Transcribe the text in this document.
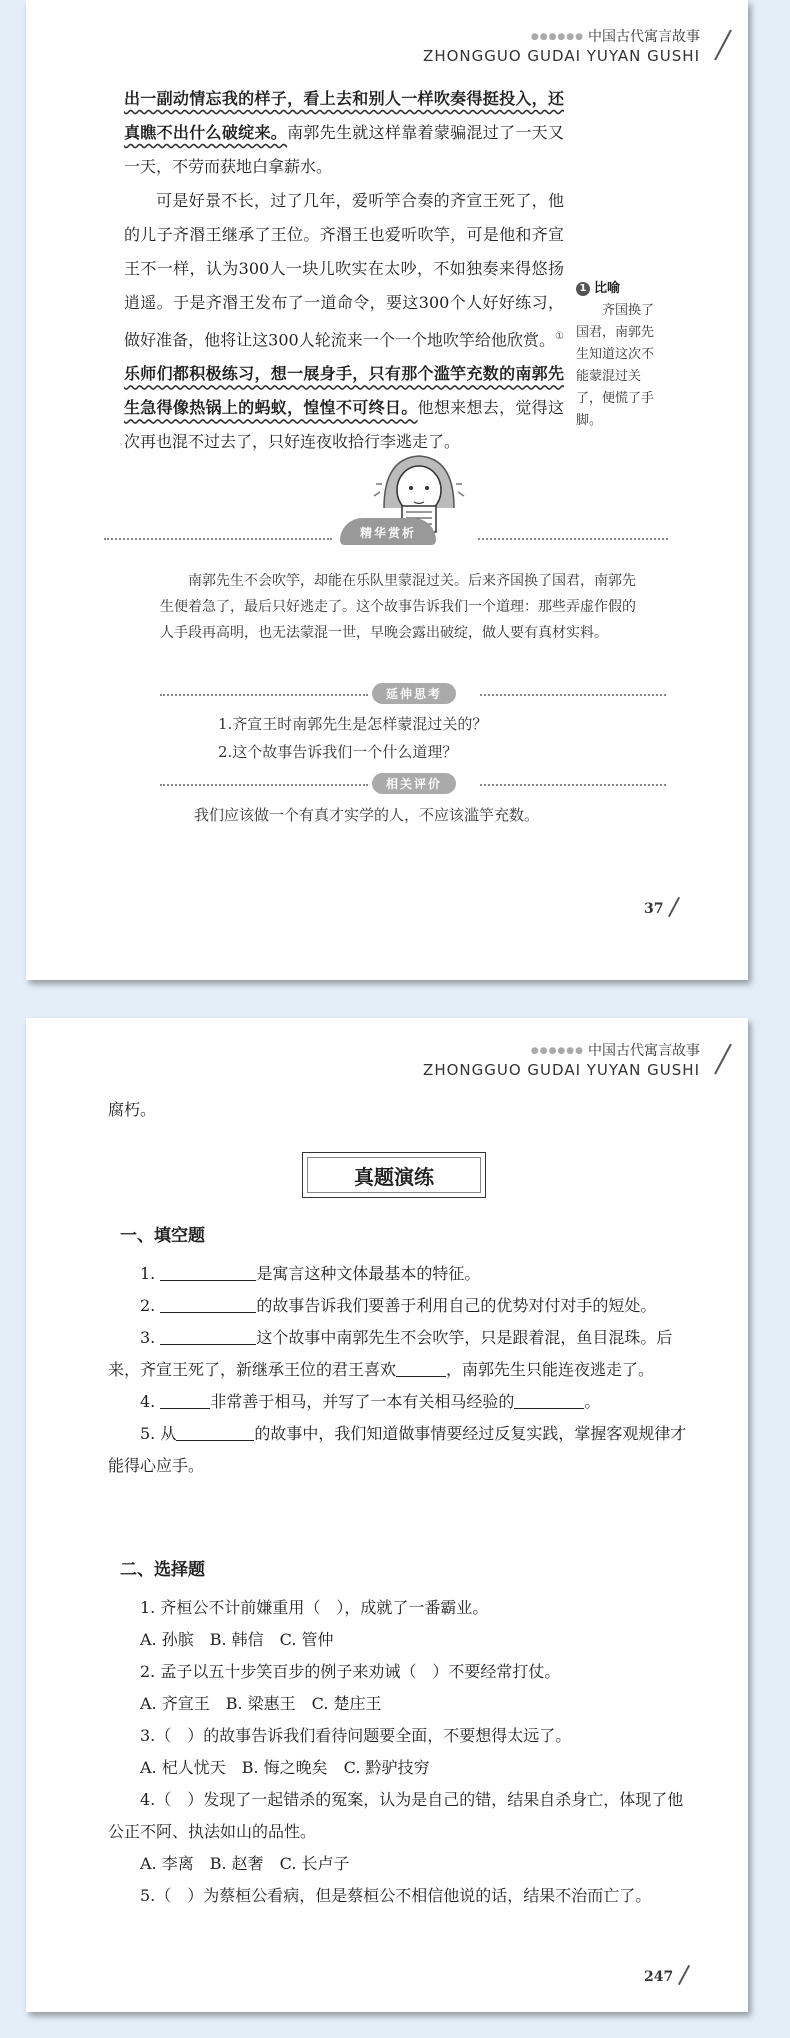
●●●●●● 中国古代寓言故事
ZHONGGUO GUDAI YUYAN GUSHI

出一副动情忘我的样子，看上去和别人一样吹奏得挺投入，还真瞧不出什么破绽来。南郭先生就这样靠着蒙骗混过了一天又一天，不劳而获地白拿薪水。

可是好景不长，过了几年，爱听竽合奏的齐宣王死了，他的儿子齐湣王继承了王位。齐湣王也爱听吹竽，可是他和齐宣王不一样，认为300人一块儿吹实在太吵，不如独奏来得悠扬逍遥。于是齐湣王发布了一道命令，要这300个人好好练习，做好准备，他将让这300人轮流来一个一个地吹竽给他欣赏。①乐师们都积极练习，想一展身手，只有那个滥竽充数的南郭先生急得像热锅上的蚂蚁，惶惶不可终日。他想来想去，觉得这次再也混不过去了，只好连夜收拾行李逃走了。

1 比喻
齐国换了国君，南郭先生知道这次不能蒙混过关了，便慌了手脚。
精华赏析

南郭先生不会吹竽，却能在乐队里蒙混过关。后来齐国换了国君，南郭先生便着急了，最后只好逃走了。这个故事告诉我们一个道理：那些弄虚作假的人手段再高明，也无法蒙混一世，早晚会露出破绽，做人要有真材实料。

延伸思考

1.齐宣王时南郭先生是怎样蒙混过关的？

2.这个故事告诉我们一个什么道理？

相关评价

我们应该做一个有真才实学的人，不应该滥竽充数。

37
●●●●●● 中国古代寓言故事
ZHONGGUO GUDAI YUYAN GUSHI

腐朽。

真题演练

一、填空题

1.	是寓言这种文体最基本的特征。

2.	的故事告诉我们要善于利用自己的优势对付对手的短处。

3.	这个故事中南郭先生不会吹竽，只是跟着混，鱼目混珠。后来，齐宣王死了，新继承王位的君王喜欢	，南郭先生只能连夜逃走了。

4.	非常善于相马，并写了一本有关相马经验的	。

5. 从	的故事中，我们知道做事情要经过反复实践，掌握客观规律才能得心应手。

二、选择题

1. 齐桓公不计前嫌重用（　），成就了一番霸业。

A. 孙膑　B. 韩信　C. 管仲

2. 孟子以五十步笑百步的例子来劝诫（　）不要经常打仗。

A. 齐宣王　B. 梁惠王　C. 楚庄王

3.（　）的故事告诉我们看待问题要全面，不要想得太远了。

A. 杞人忧天　B. 悔之晚矣　C. 黔驴技穷

4.（　）发现了一起错杀的冤案，认为是自己的错，结果自杀身亡，体现了他公正不阿、执法如山的品性。

A. 李离　B. 赵奢　C. 长卢子

5.（　）为蔡桓公看病，但是蔡桓公不相信他说的话，结果不治而亡了。

247
